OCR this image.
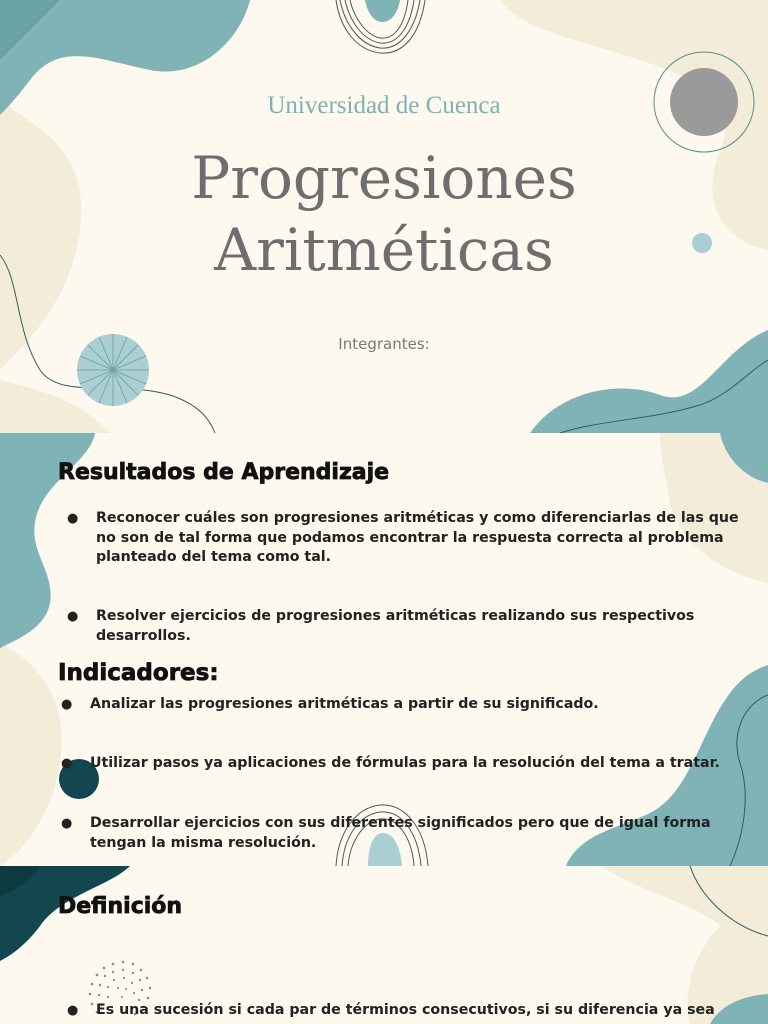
Universidad de Cuenca
Progresiones
Aritméticas
Integrantes:
Resultados de Aprendizaje
● Reconocer cuáles son progresiones aritméticas y como diferenciarlas de las que no son de tal forma que podamos encontrar la respuesta correcta al problema planteado del tema como tal.
● Resolver ejercicios de progresiones aritméticas realizando sus respectivos desarrollos.
Indicadores:
● Analizar las progresiones aritméticas a partir de su significado.
● Utilizar pasos ya aplicaciones de fórmulas para la resolución del tema a tratar.
● Desarrollar ejercicios con sus diferentes significados pero que de igual forma tengan la misma resolución.
Definición
● Es una sucesión si cada par de términos consecutivos, si su diferencia ya sea
